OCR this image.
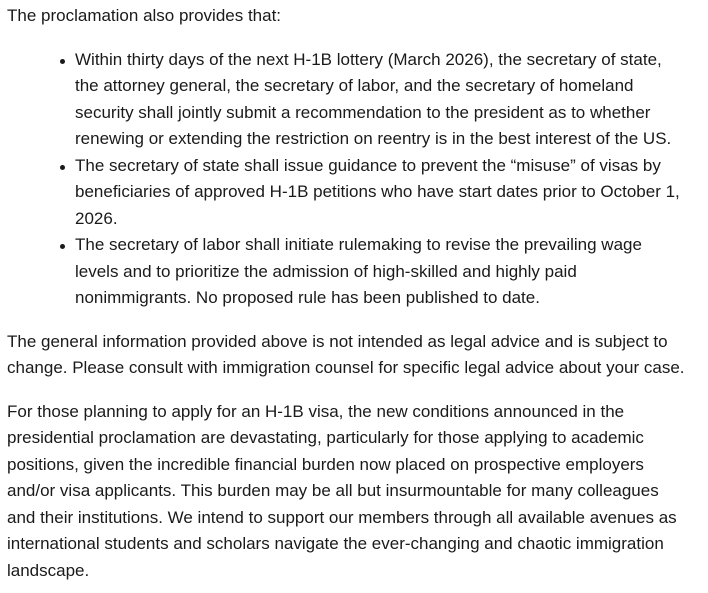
The proclamation also provides that:

Within thirty days of the next H-1B lottery (March 2026), the secretary of state, the attorney general, the secretary of labor, and the secretary of homeland security shall jointly submit a recommendation to the president as to whether renewing or extending the restriction on reentry is in the best interest of the US.
The secretary of state shall issue guidance to prevent the “misuse” of visas by beneficiaries of approved H-1B petitions who have start dates prior to October 1, 2026.
The secretary of labor shall initiate rulemaking to revise the prevailing wage levels and to prioritize the admission of high-skilled and highly paid nonimmigrants. No proposed rule has been published to date.

The general information provided above is not intended as legal advice and is subject to change. Please consult with immigration counsel for specific legal advice about your case.

For those planning to apply for an H-1B visa, the new conditions announced in the presidential proclamation are devastating, particularly for those applying to academic positions, given the incredible financial burden now placed on prospective employers and/or visa applicants. This burden may be all but insurmountable for many colleagues and their institutions. We intend to support our members through all available avenues as international students and scholars navigate the ever-changing and chaotic immigration landscape.
